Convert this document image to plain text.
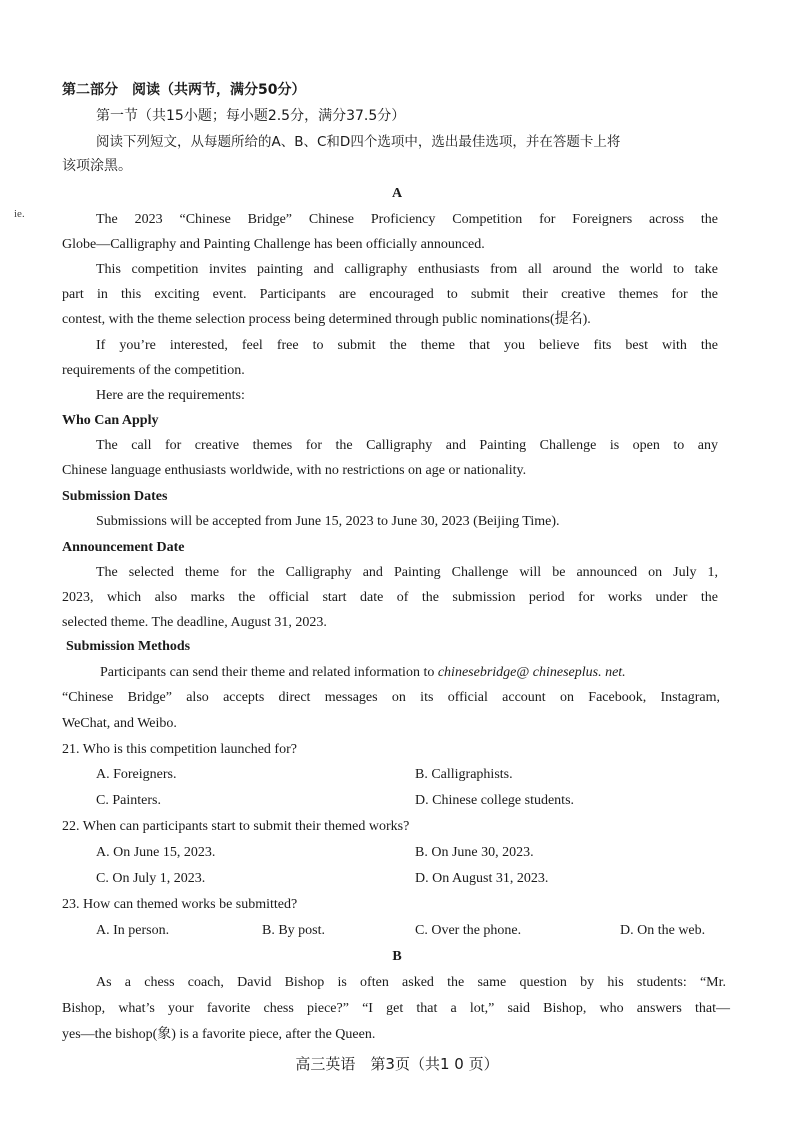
ie.
第二部分　阅读（共两节，满分50分）
第一节（共15小题；每小题2.5分，满分37.5分）
阅读下列短文，从每题所给的A、B、C和D四个选项中，选出最佳选项，并在答题卡上将
该项涂黑。
A
The 2023 “Chinese Bridge” Chinese Proficiency Competition for Foreigners across the
Globe—Calligraphy and Painting Challenge has been officially announced.
This competition invites painting and calligraphy enthusiasts from all around the world to take
part in this exciting event. Participants are encouraged to submit their creative themes for the
contest, with the theme selection process being determined through public nominations(提名).
If you’re interested, feel free to submit the theme that you believe fits best with the
requirements of the competition.
Here are the requirements:
Who Can Apply
The call for creative themes for the Calligraphy and Painting Challenge is open to any
Chinese language enthusiasts worldwide, with no restrictions on age or nationality.
Submission Dates
Submissions will be accepted from June 15, 2023 to June 30, 2023 (Beijing Time).
Announcement Date
The selected theme for the Calligraphy and Painting Challenge will be announced on July 1,
2023, which also marks the official start date of the submission period for works under the
selected theme. The deadline, August 31, 2023.
Submission Methods
Participants can send their theme and related information to chinesebridge@ chineseplus. net.
“Chinese Bridge” also accepts direct messages on its official account on Facebook, Instagram,
WeChat, and Weibo.
21. Who is this competition launched for?
A. Foreigners.	B. Calligraphists.
C. Painters.	D. Chinese college students.
22. When can participants start to submit their themed works?
A. On June 15, 2023.	B. On June 30, 2023.
C. On July 1, 2023.	D. On August 31, 2023.
23. How can themed works be submitted?
A. In person.	B. By post.	C. Over the phone.	D. On the web.
B
As a chess coach, David Bishop is often asked the same question by his students: “Mr.
Bishop, what’s your favorite chess piece?” “I get that a lot,” said Bishop, who answers that—
yes—the bishop(象) is a favorite piece, after the Queen.
高三英语　第3页（共1 0 页）
